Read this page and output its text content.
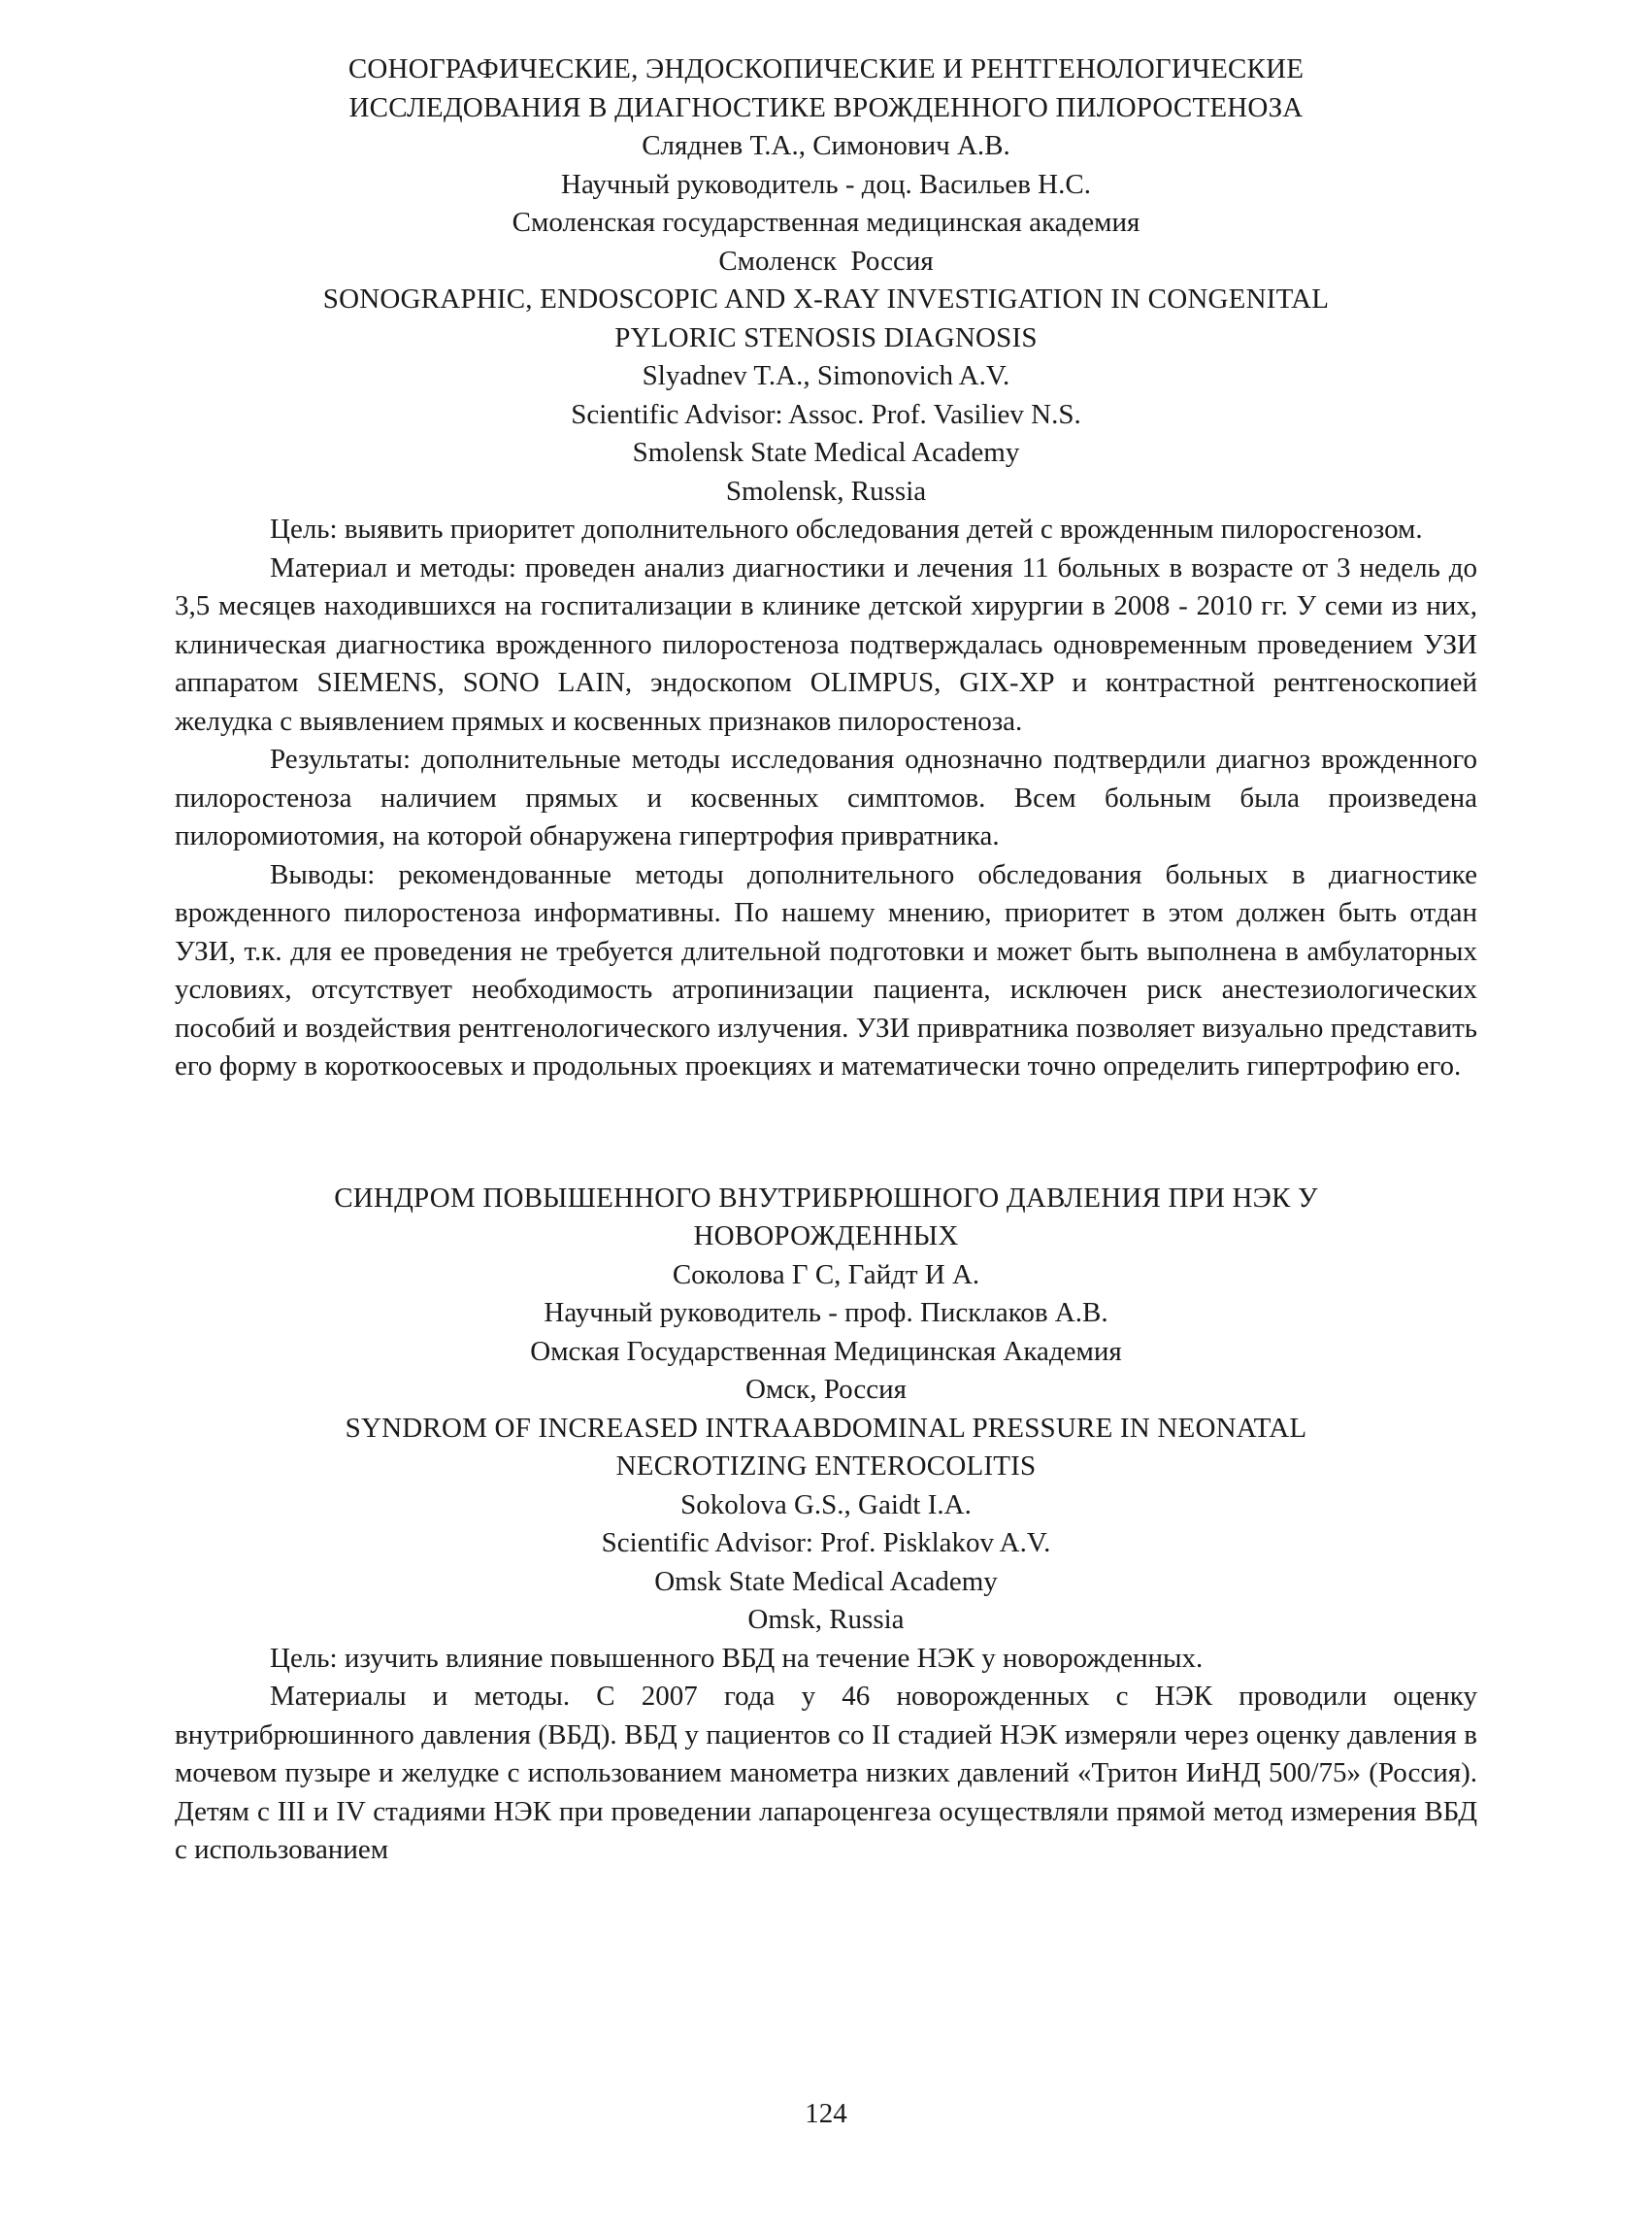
СОНОГРАФИЧЕСКИЕ, ЭНДОСКОПИЧЕСКИЕ И РЕНТГЕНОЛОГИЧЕСКИЕ
ИССЛЕДОВАНИЯ В ДИАГНОСТИКЕ ВРОЖДЕННОГО ПИЛОРОСТЕНОЗА
Сляднев Т.А., Симонович А.В.
Научный руководитель - доц. Васильев Н.С.
Смоленская государственная медицинская академия
Смоленск  Россия
SONOGRAPHIC, ENDOSCOPIC AND X-RAY INVESTIGATION IN CONGENITAL
PYLORIC STENOSIS DIAGNOSIS
Slyadnev T.A., Simonovich A.V.
Scientific Advisor: Assoc. Prof. Vasiliev N.S.
Smolensk State Medical Academy
Smolensk, Russia

Цель: выявить приоритет дополнительного обследования детей с врожденным пилоросгенозом.

Материал и методы: проведен анализ диагностики и лечения 11 больных в возрасте от 3 недель до 3,5 месяцев находившихся на госпитализации в клинике детской хирургии в 2008 - 2010 гг. У семи из них, клиническая диагностика врожденного пилоростеноза подтверждалась одновременным проведением УЗИ аппаратом SIEMENS, SONO LAIN, эндоскопом OLIMPUS, GIX-XP и контрастной рентгеноскопией желудка с выявлением прямых и косвенных признаков пилоростеноза.

Результаты: дополнительные методы исследования однозначно подтвердили диагноз врожденного пилоростеноза наличием прямых и косвенных симптомов. Всем больным была произведена пилоромиотомия, на которой обнаружена гипертрофия привратника.

Выводы: рекомендованные методы дополнительного обследования больных в диагностике врожденного пилоростеноза информативны. По нашему мнению, приоритет в этом должен быть отдан УЗИ, т.к. для ее проведения не требуется длительной подготовки и может быть выполнена в амбулаторных условиях, отсутствует необходимость атропинизации пациента, исключен риск анестезиологических пособий и воздействия рентгенологического излучения. УЗИ привратника позволяет визуально представить его форму в короткоосевых и продольных проекциях и математически точно определить гипертрофию его.

СИНДРОМ ПОВЫШЕННОГО ВНУТРИБРЮШНОГО ДАВЛЕНИЯ ПРИ НЭК У
НОВОРОЖДЕННЫХ
Соколова Г С, Гайдт И А.
Научный руководитель - проф. Писклаков А.В.
Омская Государственная Медицинская Академия
Омск, Россия
SYNDROM OF INCREASED INTRAABDOMINAL PRESSURE IN NEONATAL
NECROTIZING ENTEROCOLITIS
Sokolova G.S., Gaidt I.A.
Scientific Advisor: Prof. Pisklakov A.V.
Omsk State Medical Academy
Omsk, Russia

Цель: изучить влияние повышенного ВБД на течение НЭК у новорожденных.

Материалы и методы. С 2007 года у 46 новорожденных с НЭК проводили оценку внутрибрюшинного давления (ВБД). ВБД у пациентов со II стадией НЭК измеряли через оценку давления в мочевом пузыре и желудке с использованием манометра низких давлений «Тритон ИиНД 500/75» (Россия). Детям с III и IV стадиями НЭК при проведении лапароценгеза осуществляли прямой метод измерения ВБД с использованием

124
